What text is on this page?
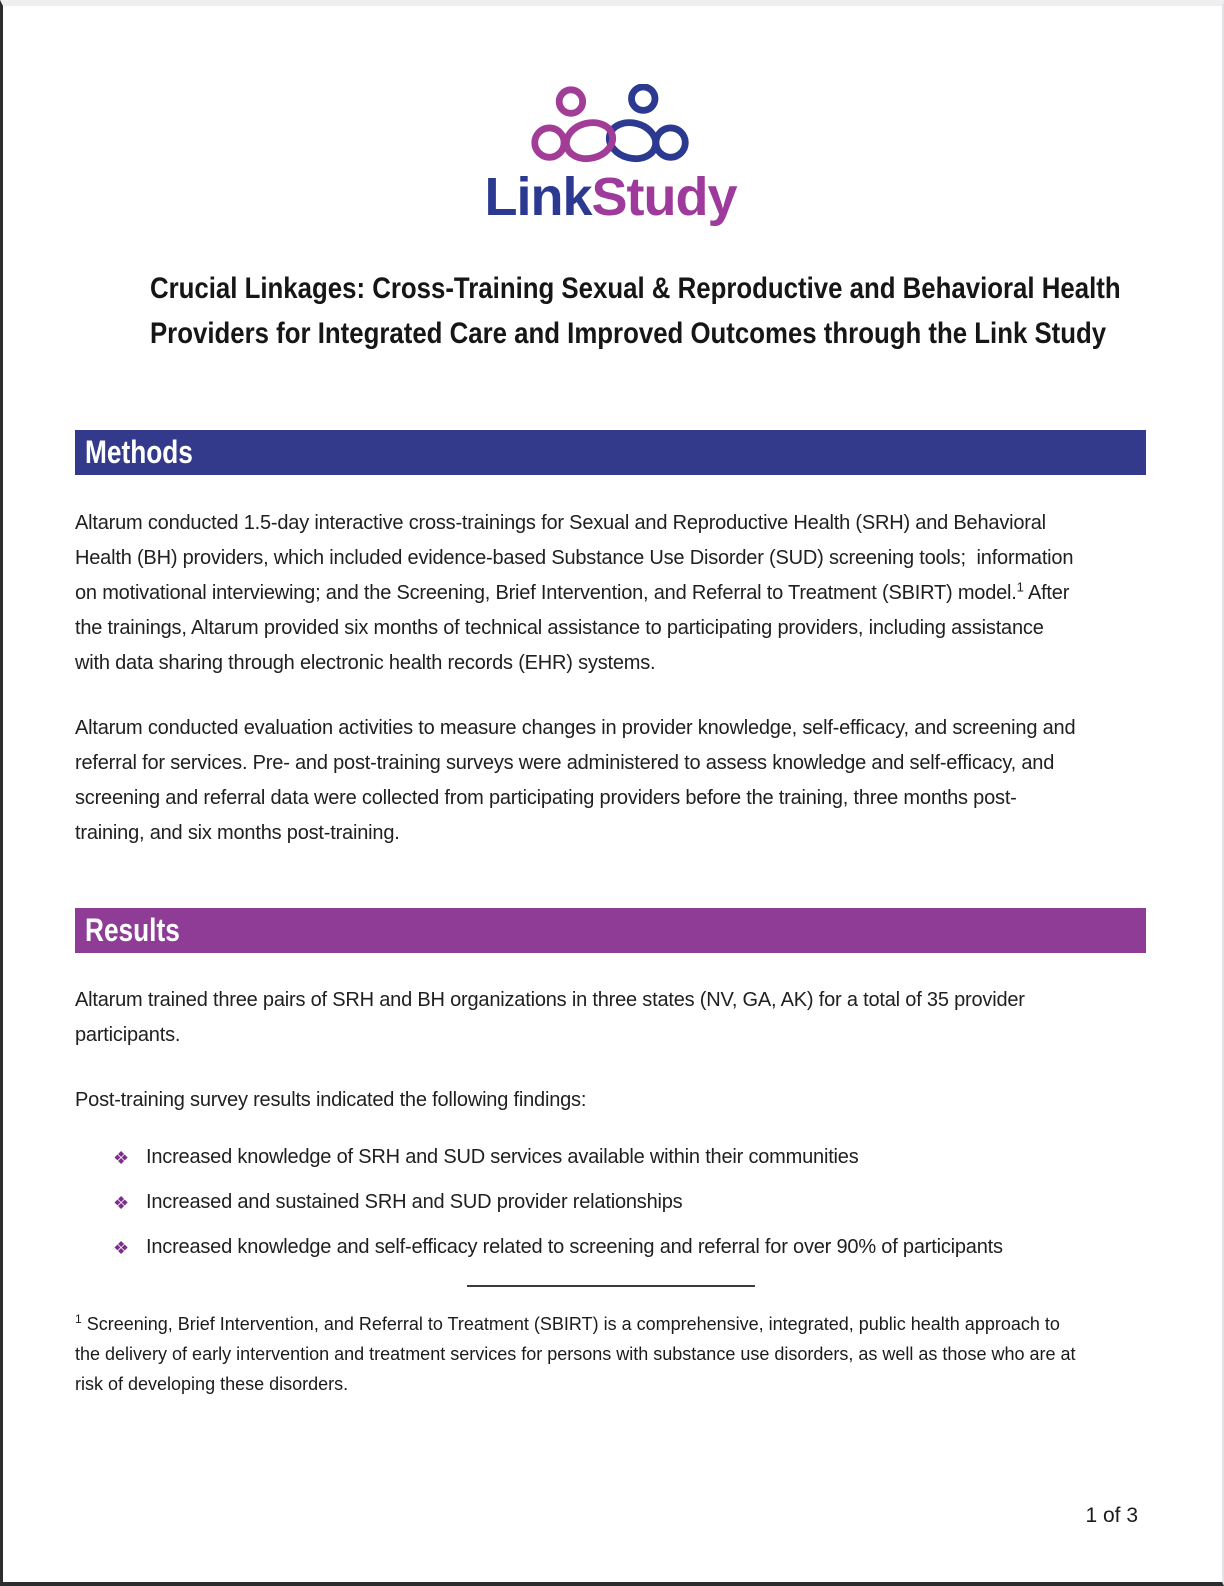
LinkStudy
Crucial Linkages: Cross-Training Sexual & Reproductive and Behavioral Health
Providers for Integrated Care and Improved Outcomes through the Link Study
Methods

Altarum conducted 1.5-day interactive cross-trainings for Sexual and Reproductive Health (SRH) and Behavioral Health (BH) providers, which included evidence-based Substance Use Disorder (SUD) screening tools;  information on motivational interviewing; and the Screening, Brief Intervention, and Referral to Treatment (SBIRT) model.$^1$ After the trainings, Altarum provided six months of technical assistance to participating providers, including assistance with data sharing through electronic health records (EHR) systems.

Altarum conducted evaluation activities to measure changes in provider knowledge, self-efficacy, and screening and referral for services. Pre- and post-training surveys were administered to assess knowledge and self-efficacy, and screening and referral data were collected from participating providers before the training, three months post-training, and six months post-training.

Results

Altarum trained three pairs of SRH and BH organizations in three states (NV, GA, AK) for a total of 35 provider participants.

Post-training survey results indicated the following findings:

❖ Increased knowledge of SRH and SUD services available within their communities
❖ Increased and sustained SRH and SUD provider relationships
❖ Increased knowledge and self-efficacy related to screening and referral for over 90% of participants

$^1$ Screening, Brief Intervention, and Referral to Treatment (SBIRT) is a comprehensive, integrated, public health approach to the delivery of early intervention and treatment services for persons with substance use disorders, as well as those who are at risk of developing these disorders.

1 of 3
